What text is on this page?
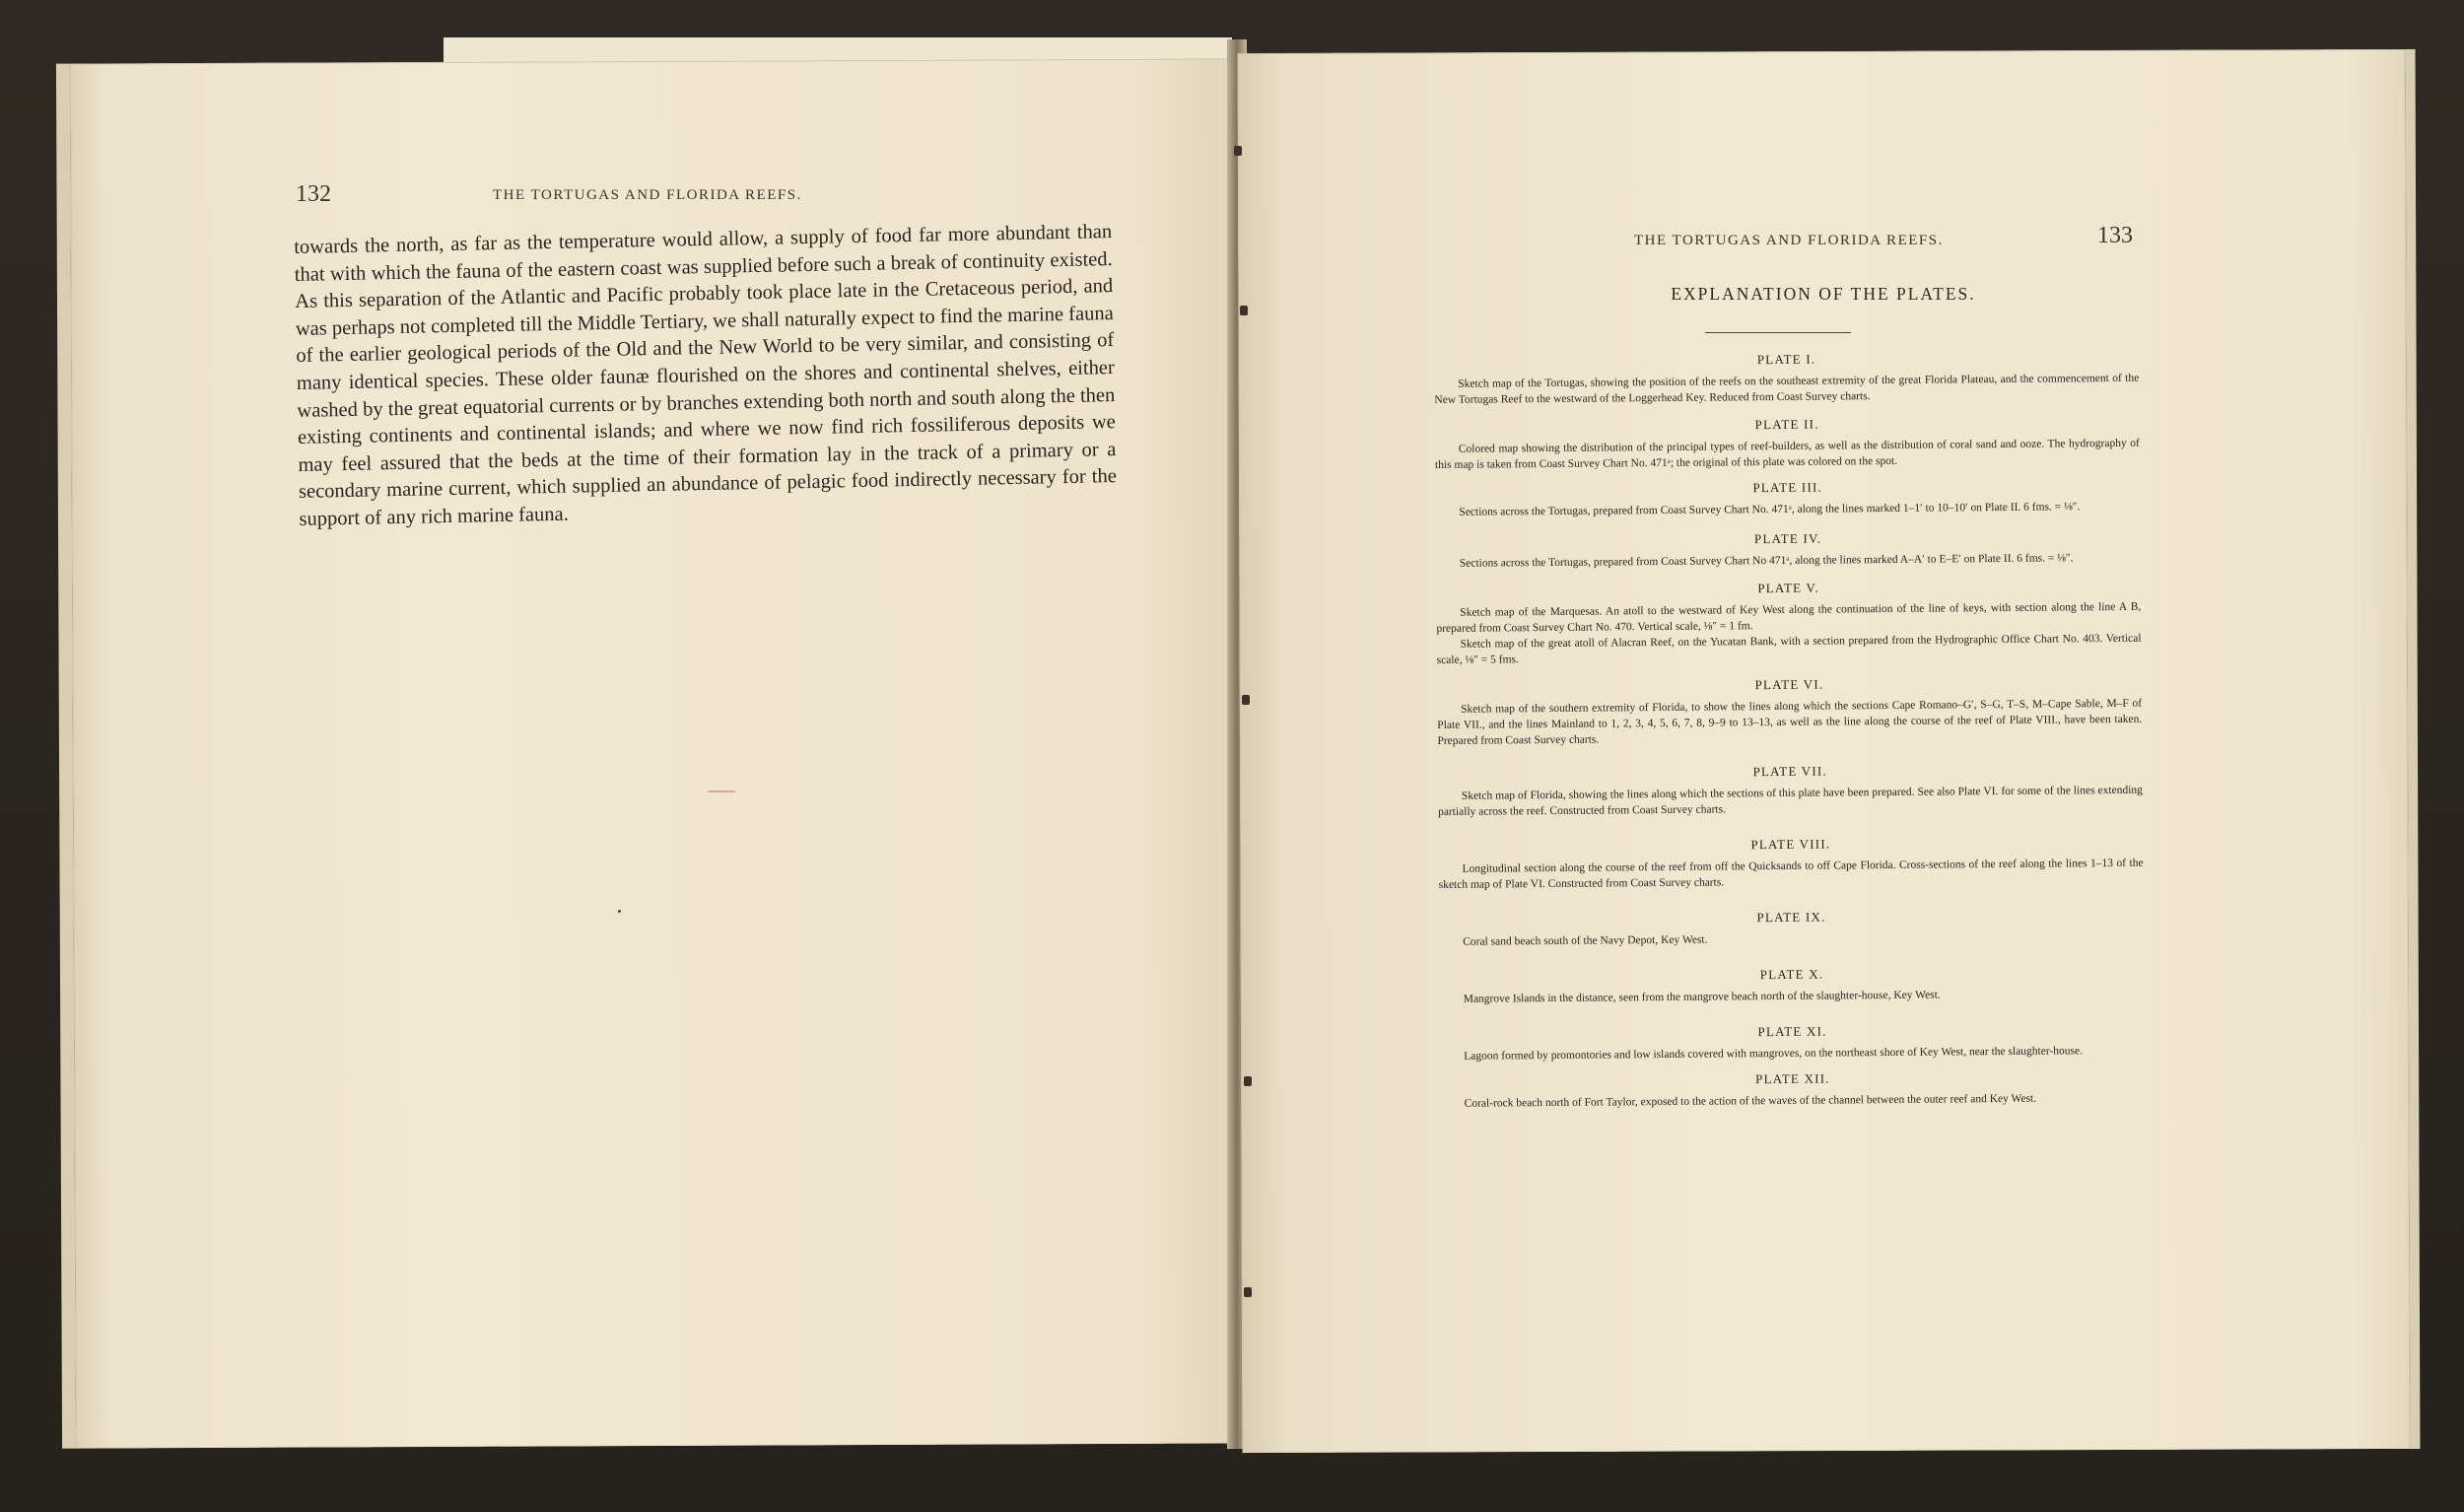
132	THE TORTUGAS AND FLORIDA REEFS.

towards the north, as far as the temperature would allow, a supply of food far more abundant than that with which the fauna of the eastern coast was supplied before such a break of continuity existed. As this separation of the Atlantic and Pacific probably took place late in the Cretaceous period, and was perhaps not completed till the Middle Tertiary, we shall naturally expect to find the marine fauna of the earlier geological periods of the Old and the New World to be very similar, and consisting of many identical species. These older faunæ flourished on the shores and continental shelves, either washed by the great equatorial currents or by branches extending both north and south along the then existing continents and continental islands; and where we now find rich fossiliferous deposits we may feel assured that the beds at the time of their formation lay in the track of a primary or a secondary marine current, which supplied an abundance of pelagic food indirectly necessary for the support of any rich marine fauna.

THE TORTUGAS AND FLORIDA REEFS.	133
EXPLANATION OF THE PLATES.

PLATE I.

Sketch map of the Tortugas, showing the position of the reefs on the southeast extremity of the great Florida Plateau, and the commencement of the New Tortugas Reef to the westward of the Loggerhead Key. Reduced from Coast Survey charts.

PLATE II.

Colored map showing the distribution of the principal types of reef-builders, as well as the distribution of coral sand and ooze. The hydrography of this map is taken from Coast Survey Chart No. 471ᵃ; the original of this plate was colored on the spot.

PLATE III.

Sections across the Tortugas, prepared from Coast Survey Chart No. 471ᵃ, along the lines marked 1–1′ to 10–10′ on Plate II. 6 fms. = ⅛″.

PLATE IV.

Sections across the Tortugas, prepared from Coast Survey Chart No 471ᵃ, along the lines marked A–A′ to E–E′ on Plate II. 6 fms. = ⅛″.

PLATE V.

Sketch map of the Marquesas. An atoll to the westward of Key West along the continuation of the line of keys, with section along the line A B, prepared from Coast Survey Chart No. 470. Vertical scale, ⅛″ = 1 fm.

Sketch map of the great atoll of Alacran Reef, on the Yucatan Bank, with a section prepared from the Hydrographic Office Chart No. 403. Vertical scale, ⅛″ = 5 fms.

PLATE VI.

Sketch map of the southern extremity of Florida, to show the lines along which the sections Cape Romano–G′, S–G, T–S, M–Cape Sable, M–F of Plate VII., and the lines Mainland to 1, 2, 3, 4, 5, 6, 7, 8, 9–9 to 13–13, as well as the line along the course of the reef of Plate VIII., have been taken. Prepared from Coast Survey charts.

PLATE VII.

Sketch map of Florida, showing the lines along which the sections of this plate have been prepared. See also Plate VI. for some of the lines extending partially across the reef. Constructed from Coast Survey charts.

PLATE VIII.

Longitudinal section along the course of the reef from off the Quicksands to off Cape Florida. Cross-sections of the reef along the lines 1–13 of the sketch map of Plate VI. Constructed from Coast Survey charts.

PLATE IX.

Coral sand beach south of the Navy Depot, Key West.

PLATE X.

Mangrove Islands in the distance, seen from the mangrove beach north of the slaughter-house, Key West.

PLATE XI.

Lagoon formed by promontories and low islands covered with mangroves, on the northeast shore of Key West, near the slaughter-house.

PLATE XII.

Coral-rock beach north of Fort Taylor, exposed to the action of the waves of the channel between the outer reef and Key West.
